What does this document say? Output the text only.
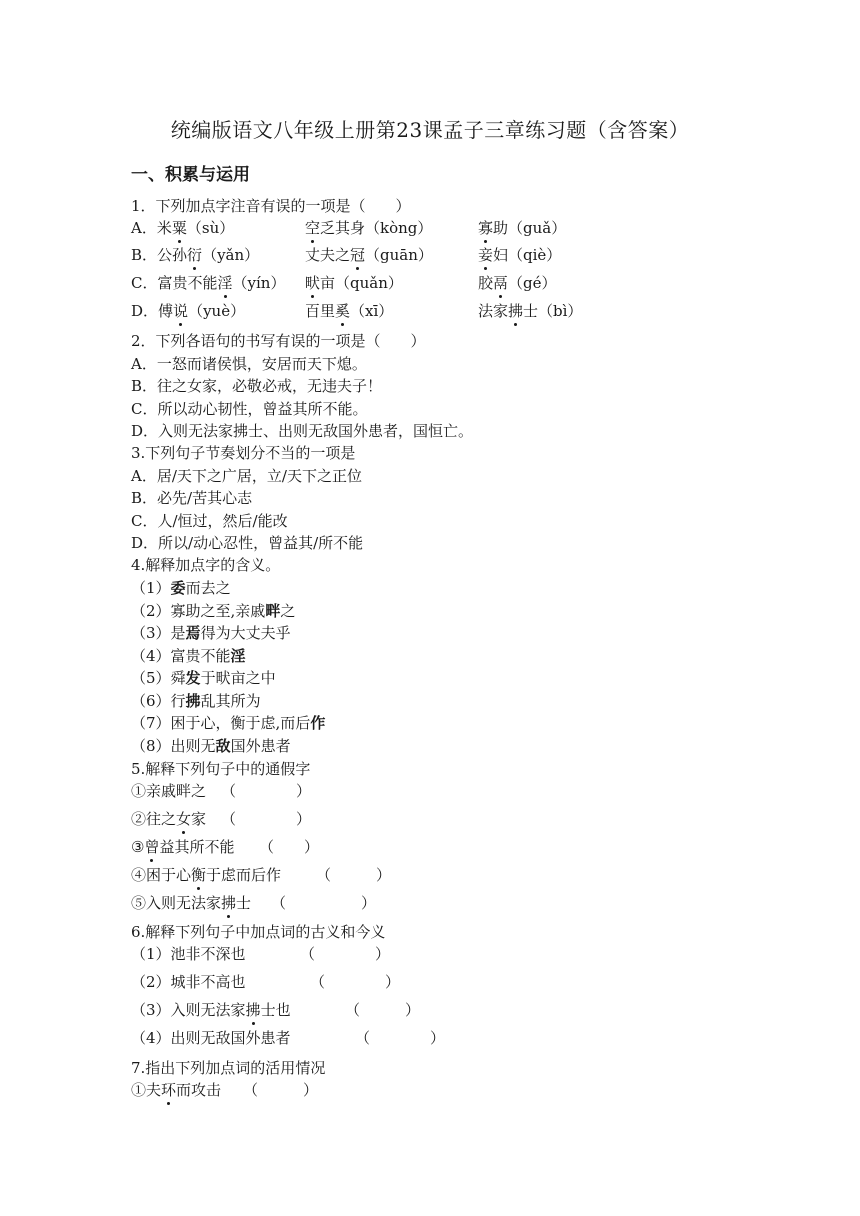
统编版语文八年级上册第23课孟子三章练习题（含答案）
一、积累与运用
1．下列加点字注音有误的一项是（　　）
A．米粟（sù）	空乏其身（kòng）	寡助（guǎ）
B．公孙衍（yǎn）	丈夫之冠（guān）	妾妇（qiè）
C．富贵不能淫（yín） 畎亩（quǎn）	胶鬲（gé）
D．傅说（yuè）	百里奚（xī）	法家拂士（bì）
2．下列各语句的书写有误的一项是（　　）
A．一怒而诸侯惧，安居而天下熄。
B．往之女家，必敬必戒，无违夫子！
C．所以动心韧性，曾益其所不能。
D．入则无法家拂士、出则无敌国外患者，国恒亡。
3.下列句子节奏划分不当的一项是
A．居/天下之广居，立/天下之正位
B．必先/苦其心志
C．人/恒过，然后/能改
D．所以/动心忍性，曾益其/所不能
4.解释加点字的含义。
（1）委而去之
（2）寡助之至,亲戚畔之
（3）是焉得为大丈夫乎
（4）富贵不能淫
（5）舜发于畎亩之中
（6）行拂乱其所为
（7）困于心，衡于虑,而后作
（8）出则无敌国外患者
5.解释下列句子中的通假字
①亲戚畔之 （　　　　）
②往之女家 （　　　　）
③曾益其所不能 （　　）
④困于心衡于虑而后作 （　　　）
⑤入则无法家拂士 （　　　　　）
6.解释下列句子中加点词的古义和今义
（1）池非不深也	（　　　　）
（2）城非不高也	（　　　　）
（3）入则无法家拂士也	（　　　）
（4）出则无敌国外患者	（　　　　）
7.指出下列加点词的活用情况
①夫环而攻击 （　　　）
